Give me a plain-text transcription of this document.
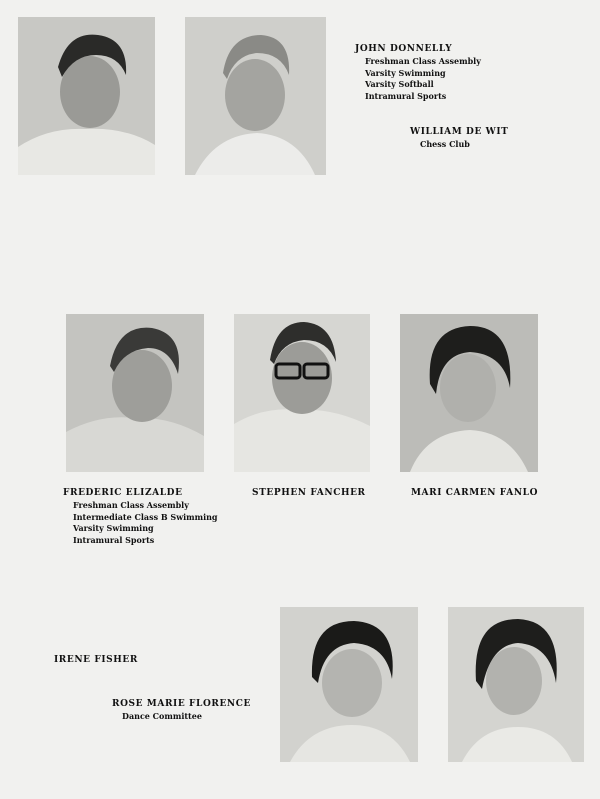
JOHN DONNELLY
Freshman Class Assembly
Varsity Swimming
Varsity Softball
Intramural Sports
WILLIAM DE WIT
Chess Club
FREDERIC ELIZALDE
Freshman Class Assembly
Intermediate Class B Swimming
Varsity Swimming
Intramural Sports
STEPHEN FANCHER	MARI CARMEN FANLO
IRENE FISHER
ROSE MARIE FLORENCE
Dance Committee
